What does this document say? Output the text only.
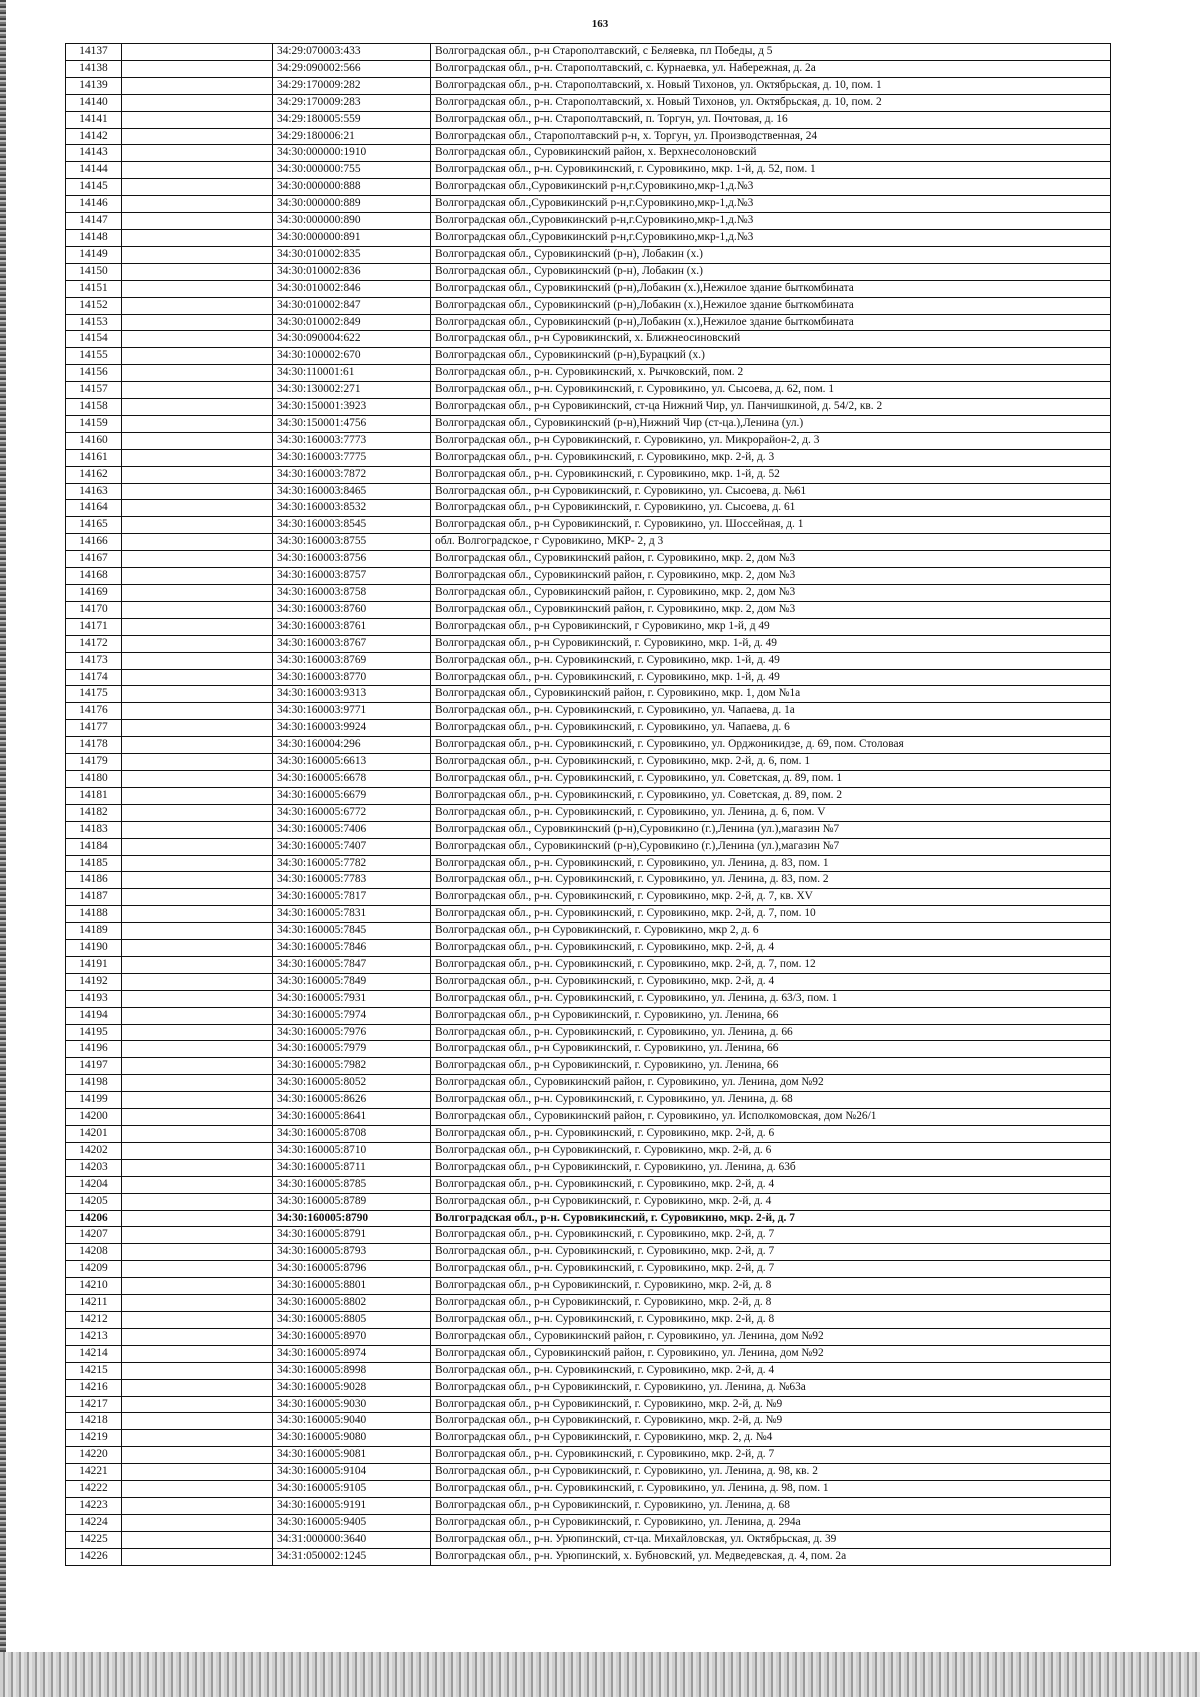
163
14137		34:29:070003:433	Волгоградская обл., р-н Старополтавский, с Беляевка, пл Победы, д 5
14138		34:29:090002:566	Волгоградская обл., р-н. Старополтавский, с. Курнаевка, ул. Набережная, д. 2а
14139		34:29:170009:282	Волгоградская обл., р-н. Старополтавский, х. Новый Тихонов, ул. Октябрьская, д. 10, пом. 1
14140		34:29:170009:283	Волгоградская обл., р-н. Старополтавский, х. Новый Тихонов, ул. Октябрьская, д. 10, пом. 2
14141		34:29:180005:559	Волгоградская обл., р-н. Старополтавский, п. Торгун, ул. Почтовая, д. 16
14142		34:29:180006:21	Волгоградская обл., Старополтавский р-н, х. Торгун, ул. Производственная, 24
14143		34:30:000000:1910	Волгоградская обл., Суровикинский район, х. Верхнесолоновский
14144		34:30:000000:755	Волгоградская обл., р-н. Суровикинский, г. Суровикино, мкр. 1-й, д. 52, пом. 1
14145		34:30:000000:888	Волгоградская обл.,Суровикинский р-н,г.Суровикино,мкр-1,д.№3
14146		34:30:000000:889	Волгоградская обл.,Суровикинский р-н,г.Суровикино,мкр-1,д.№3
14147		34:30:000000:890	Волгоградская обл.,Суровикинский р-н,г.Суровикино,мкр-1,д.№3
14148		34:30:000000:891	Волгоградская обл.,Суровикинский р-н,г.Суровикино,мкр-1,д.№3
14149		34:30:010002:835	Волгоградская обл., Суровикинский (р-н), Лобакин (х.)
14150		34:30:010002:836	Волгоградская обл., Суровикинский (р-н), Лобакин (х.)
14151		34:30:010002:846	Волгоградская обл., Суровикинский (р-н),Лобакин (х.),Нежилое здание быткомбината
14152		34:30:010002:847	Волгоградская обл., Суровикинский (р-н),Лобакин (х.),Нежилое здание быткомбината
14153		34:30:010002:849	Волгоградская обл., Суровикинский (р-н),Лобакин (х.),Нежилое здание быткомбината
14154		34:30:090004:622	Волгоградская обл., р-н Суровикинский, х. Ближнеосиновский
14155		34:30:100002:670	Волгоградская обл., Суровикинский (р-н),Бурацкий (х.)
14156		34:30:110001:61	Волгоградская обл., р-н. Суровикинский, х. Рычковский, пом. 2
14157		34:30:130002:271	Волгоградская обл., р-н. Суровикинский, г. Суровикино, ул. Сысоева, д. 62, пом. 1
14158		34:30:150001:3923	Волгоградская обл., р-н Суровикинский, ст-ца Нижний Чир, ул. Панчишкиной, д. 54/2, кв. 2
14159		34:30:150001:4756	Волгоградская обл., Суровикинский (р-н),Нижний Чир (ст-ца.),Ленина (ул.)
14160		34:30:160003:7773	Волгоградская обл., р-н Суровикинский, г. Суровикино, ул. Микрорайон-2, д. 3
14161		34:30:160003:7775	Волгоградская обл., р-н. Суровикинский, г. Суровикино, мкр. 2-й, д. 3
14162		34:30:160003:7872	Волгоградская обл., р-н. Суровикинский, г. Суровикино, мкр. 1-й, д. 52
14163		34:30:160003:8465	Волгоградская обл., р-н Суровикинский, г. Суровикино, ул. Сысоева, д. №61
14164		34:30:160003:8532	Волгоградская обл., р-н Суровикинский, г. Суровикино, ул. Сысоева, д. 61
14165		34:30:160003:8545	Волгоградская обл., р-н Суровикинский, г. Суровикино, ул. Шоссейная, д. 1
14166		34:30:160003:8755	обл. Волгоградское, г Суровикино, МКР- 2, д 3
14167		34:30:160003:8756	Волгоградская обл., Суровикинский район, г. Суровикино, мкр. 2, дом №3
14168		34:30:160003:8757	Волгоградская обл., Суровикинский район, г. Суровикино, мкр. 2, дом №3
14169		34:30:160003:8758	Волгоградская обл., Суровикинский район, г. Суровикино, мкр. 2, дом №3
14170		34:30:160003:8760	Волгоградская обл., Суровикинский район, г. Суровикино, мкр. 2, дом №3
14171		34:30:160003:8761	Волгоградская обл., р-н Суровикинский, г Суровикино, мкр 1-й, д 49
14172		34:30:160003:8767	Волгоградская обл., р-н Суровикинский, г. Суровикино, мкр. 1-й, д. 49
14173		34:30:160003:8769	Волгоградская обл., р-н. Суровикинский, г. Суровикино, мкр. 1-й, д. 49
14174		34:30:160003:8770	Волгоградская обл., р-н. Суровикинский, г. Суровикино, мкр. 1-й, д. 49
14175		34:30:160003:9313	Волгоградская обл., Суровикинский район, г. Суровикино, мкр. 1, дом №1а
14176		34:30:160003:9771	Волгоградская обл., р-н. Суровикинский, г. Суровикино, ул. Чапаева, д. 1а
14177		34:30:160003:9924	Волгоградская обл., р-н. Суровикинский, г. Суровикино, ул. Чапаева, д. 6
14178		34:30:160004:296	Волгоградская обл., р-н. Суровикинский, г. Суровикино, ул. Орджоникидзе, д. 69, пом. Столовая
14179		34:30:160005:6613	Волгоградская обл., р-н. Суровикинский, г. Суровикино, мкр. 2-й, д. 6, пом. 1
14180		34:30:160005:6678	Волгоградская обл., р-н. Суровикинский, г. Суровикино, ул. Советская, д. 89, пом. 1
14181		34:30:160005:6679	Волгоградская обл., р-н. Суровикинский, г. Суровикино, ул. Советская, д. 89, пом. 2
14182		34:30:160005:6772	Волгоградская обл., р-н. Суровикинский, г. Суровикино, ул. Ленина, д. 6, пом. V
14183		34:30:160005:7406	Волгоградская обл., Суровикинский (р-н),Суровикино (г.),Ленина (ул.),магазин №7
14184		34:30:160005:7407	Волгоградская обл., Суровикинский (р-н),Суровикино (г.),Ленина (ул.),магазин №7
14185		34:30:160005:7782	Волгоградская обл., р-н. Суровикинский, г. Суровикино, ул. Ленина, д. 83, пом. 1
14186		34:30:160005:7783	Волгоградская обл., р-н. Суровикинский, г. Суровикино, ул. Ленина, д. 83, пом. 2
14187		34:30:160005:7817	Волгоградская обл., р-н. Суровикинский, г. Суровикино, мкр. 2-й, д. 7, кв. XV
14188		34:30:160005:7831	Волгоградская обл., р-н. Суровикинский, г. Суровикино, мкр. 2-й, д. 7, пом. 10
14189		34:30:160005:7845	Волгоградская обл., р-н Суровикинский, г. Суровикино, мкр 2, д. 6
14190		34:30:160005:7846	Волгоградская обл., р-н. Суровикинский, г. Суровикино, мкр. 2-й, д. 4
14191		34:30:160005:7847	Волгоградская обл., р-н. Суровикинский, г. Суровикино, мкр. 2-й, д. 7, пом. 12
14192		34:30:160005:7849	Волгоградская обл., р-н. Суровикинский, г. Суровикино, мкр. 2-й, д. 4
14193		34:30:160005:7931	Волгоградская обл., р-н. Суровикинский, г. Суровикино, ул. Ленина, д. 63/3, пом. 1
14194		34:30:160005:7974	Волгоградская обл., р-н Суровикинский, г. Суровикино, ул. Ленина, 66
14195		34:30:160005:7976	Волгоградская обл., р-н. Суровикинский, г. Суровикино, ул. Ленина, д. 66
14196		34:30:160005:7979	Волгоградская обл., р-н Суровикинский, г. Суровикино, ул. Ленина, 66
14197		34:30:160005:7982	Волгоградская обл., р-н Суровикинский, г. Суровикино, ул. Ленина, 66
14198		34:30:160005:8052	Волгоградская обл., Суровикинский район, г. Суровикино, ул. Ленина, дом №92
14199		34:30:160005:8626	Волгоградская обл., р-н. Суровикинский, г. Суровикино, ул. Ленина, д. 68
14200		34:30:160005:8641	Волгоградская обл., Суровикинский район, г. Суровикино, ул. Исполкомовская, дом №26/1
14201		34:30:160005:8708	Волгоградская обл., р-н. Суровикинский, г. Суровикино, мкр. 2-й, д. 6
14202		34:30:160005:8710	Волгоградская обл., р-н Суровикинский, г. Суровикино, мкр. 2-й, д. 6
14203		34:30:160005:8711	Волгоградская обл., р-н Суровикинский, г. Суровикино, ул. Ленина, д. 63б
14204		34:30:160005:8785	Волгоградская обл., р-н. Суровикинский, г. Суровикино, мкр. 2-й, д. 4
14205		34:30:160005:8789	Волгоградская обл., р-н Суровикинский, г. Суровикино, мкр. 2-й, д. 4
14206		34:30:160005:8790	Волгоградская обл., р-н. Суровикинский, г. Суровикино, мкр. 2-й, д. 7
14207		34:30:160005:8791	Волгоградская обл., р-н. Суровикинский, г. Суровикино, мкр. 2-й, д. 7
14208		34:30:160005:8793	Волгоградская обл., р-н. Суровикинский, г. Суровикино, мкр. 2-й, д. 7
14209		34:30:160005:8796	Волгоградская обл., р-н. Суровикинский, г. Суровикино, мкр. 2-й, д. 7
14210		34:30:160005:8801	Волгоградская обл., р-н Суровикинский, г. Суровикино, мкр. 2-й, д. 8
14211		34:30:160005:8802	Волгоградская обл., р-н Суровикинский, г. Суровикино, мкр. 2-й, д. 8
14212		34:30:160005:8805	Волгоградская обл., р-н. Суровикинский, г. Суровикино, мкр. 2-й, д. 8
14213		34:30:160005:8970	Волгоградская обл., Суровикинский район, г. Суровикино, ул. Ленина, дом №92
14214		34:30:160005:8974	Волгоградская обл., Суровикинский район, г. Суровикино, ул. Ленина, дом №92
14215		34:30:160005:8998	Волгоградская обл., р-н. Суровикинский, г. Суровикино, мкр. 2-й, д. 4
14216		34:30:160005:9028	Волгоградская обл., р-н Суровикинский, г. Суровикино, ул. Ленина, д. №63а
14217		34:30:160005:9030	Волгоградская обл., р-н Суровикинский, г. Суровикино, мкр. 2-й, д. №9
14218		34:30:160005:9040	Волгоградская обл., р-н Суровикинский, г. Суровикино, мкр. 2-й, д. №9
14219		34:30:160005:9080	Волгоградская обл., р-н Суровикинский, г. Суровикино, мкр. 2, д. №4
14220		34:30:160005:9081	Волгоградская обл., р-н. Суровикинский, г. Суровикино, мкр. 2-й, д. 7
14221		34:30:160005:9104	Волгоградская обл., р-н Суровикинский, г. Суровикино, ул. Ленина, д. 98, кв. 2
14222		34:30:160005:9105	Волгоградская обл., р-н. Суровикинский, г. Суровикино, ул. Ленина, д. 98, пом. 1
14223		34:30:160005:9191	Волгоградская обл., р-н Суровикинский, г. Суровикино, ул. Ленина, д. 68
14224		34:30:160005:9405	Волгоградская обл., р-н Суровикинский, г. Суровикино, ул. Ленина, д. 294а
14225		34:31:000000:3640	Волгоградская обл., р-н. Урюпинский, ст-ца. Михайловская, ул. Октябрьская, д. 39
14226		34:31:050002:1245	Волгоградская обл., р-н. Урюпинский, х. Бубновский, ул. Медведевская, д. 4, пом. 2а
